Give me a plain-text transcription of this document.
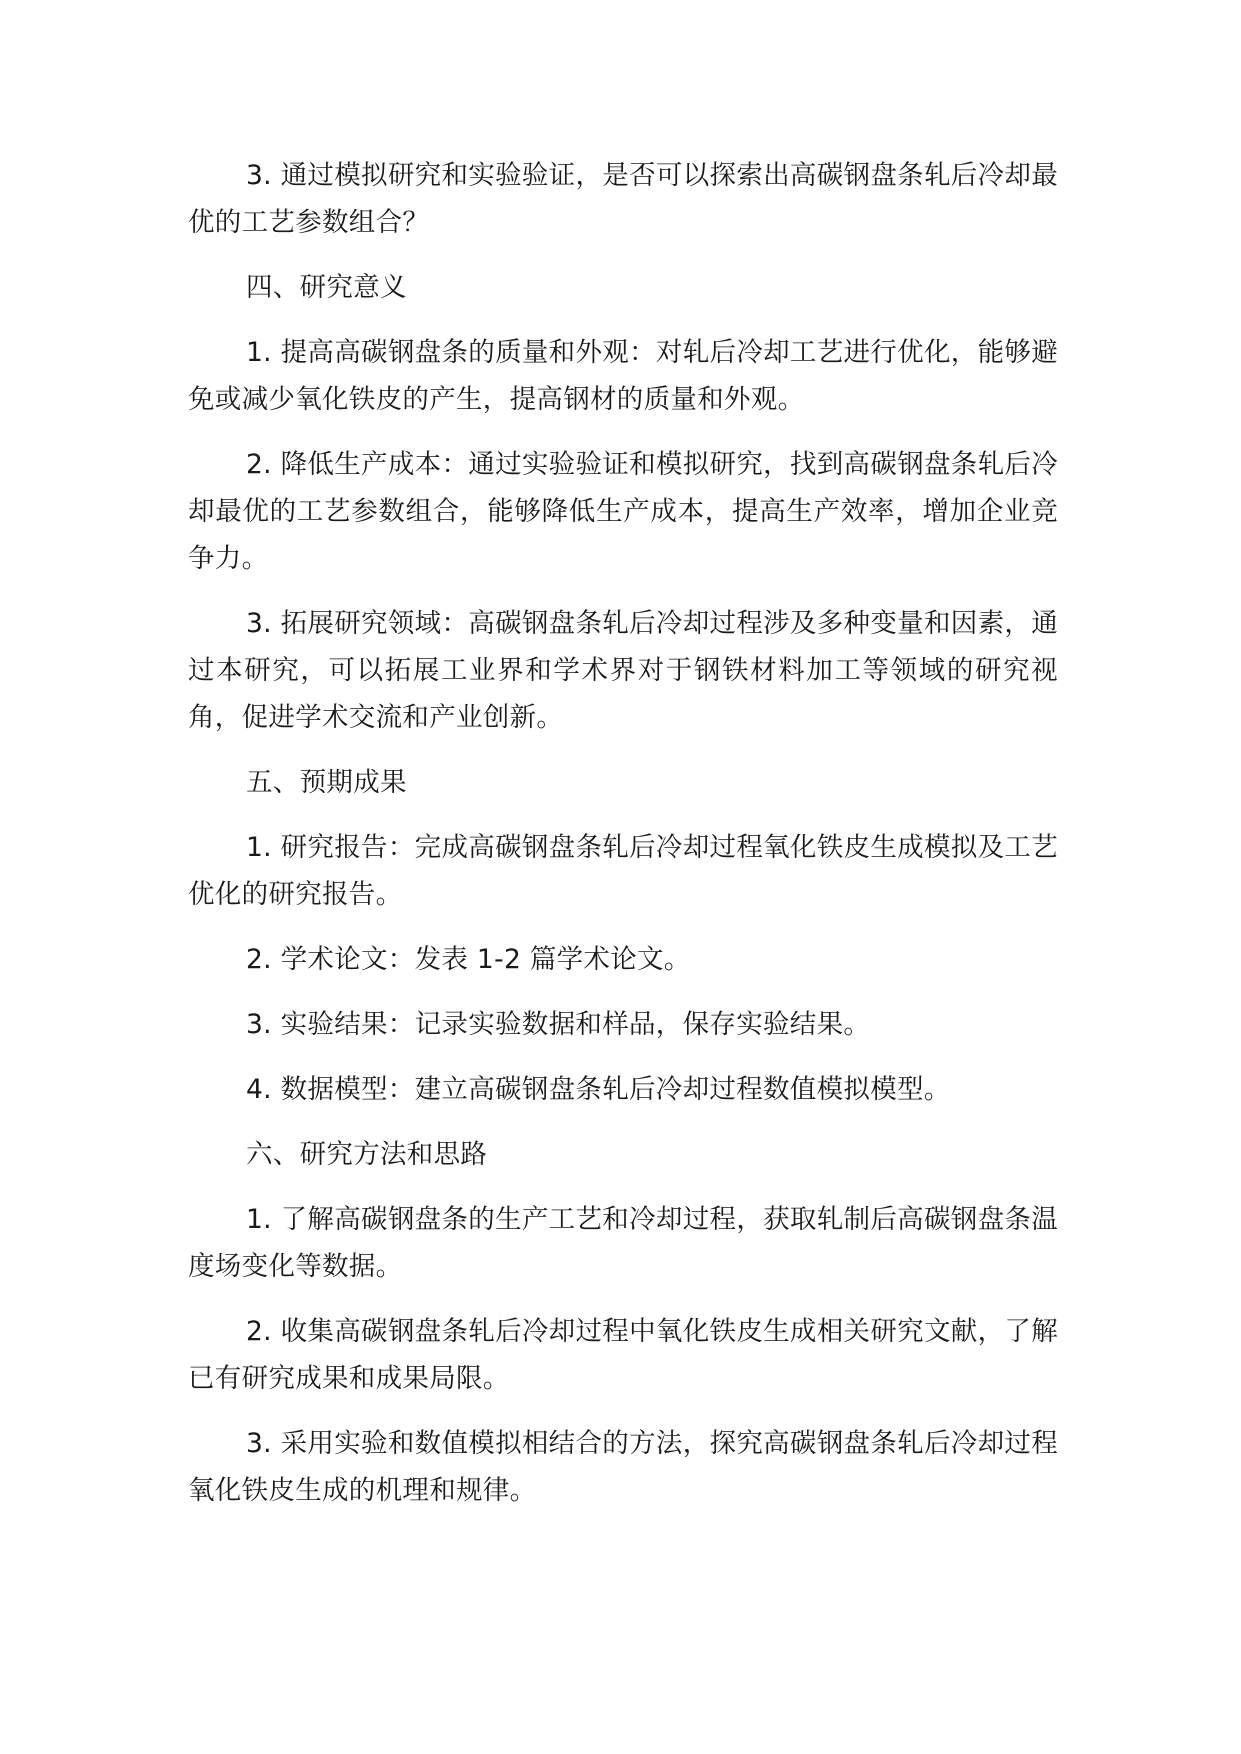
3. 通过模拟研究和实验验证，是否可以探索出高碳钢盘条轧后冷却最优的工艺参数组合？

四、研究意义

1. 提高高碳钢盘条的质量和外观：对轧后冷却工艺进行优化，能够避免或减少氧化铁皮的产生，提高钢材的质量和外观。

2. 降低生产成本：通过实验验证和模拟研究，找到高碳钢盘条轧后冷却最优的工艺参数组合，能够降低生产成本，提高生产效率，增加企业竞争力。

3. 拓展研究领域：高碳钢盘条轧后冷却过程涉及多种变量和因素，通过本研究，可以拓展工业界和学术界对于钢铁材料加工等领域的研究视角，促进学术交流和产业创新。

五、预期成果

1. 研究报告：完成高碳钢盘条轧后冷却过程氧化铁皮生成模拟及工艺优化的研究报告。

2. 学术论文：发表 1-2 篇学术论文。

3. 实验结果：记录实验数据和样品，保存实验结果。

4. 数据模型：建立高碳钢盘条轧后冷却过程数值模拟模型。

六、研究方法和思路

1. 了解高碳钢盘条的生产工艺和冷却过程，获取轧制后高碳钢盘条温度场变化等数据。

2. 收集高碳钢盘条轧后冷却过程中氧化铁皮生成相关研究文献，了解已有研究成果和成果局限。

3. 采用实验和数值模拟相结合的方法，探究高碳钢盘条轧后冷却过程氧化铁皮生成的机理和规律。
